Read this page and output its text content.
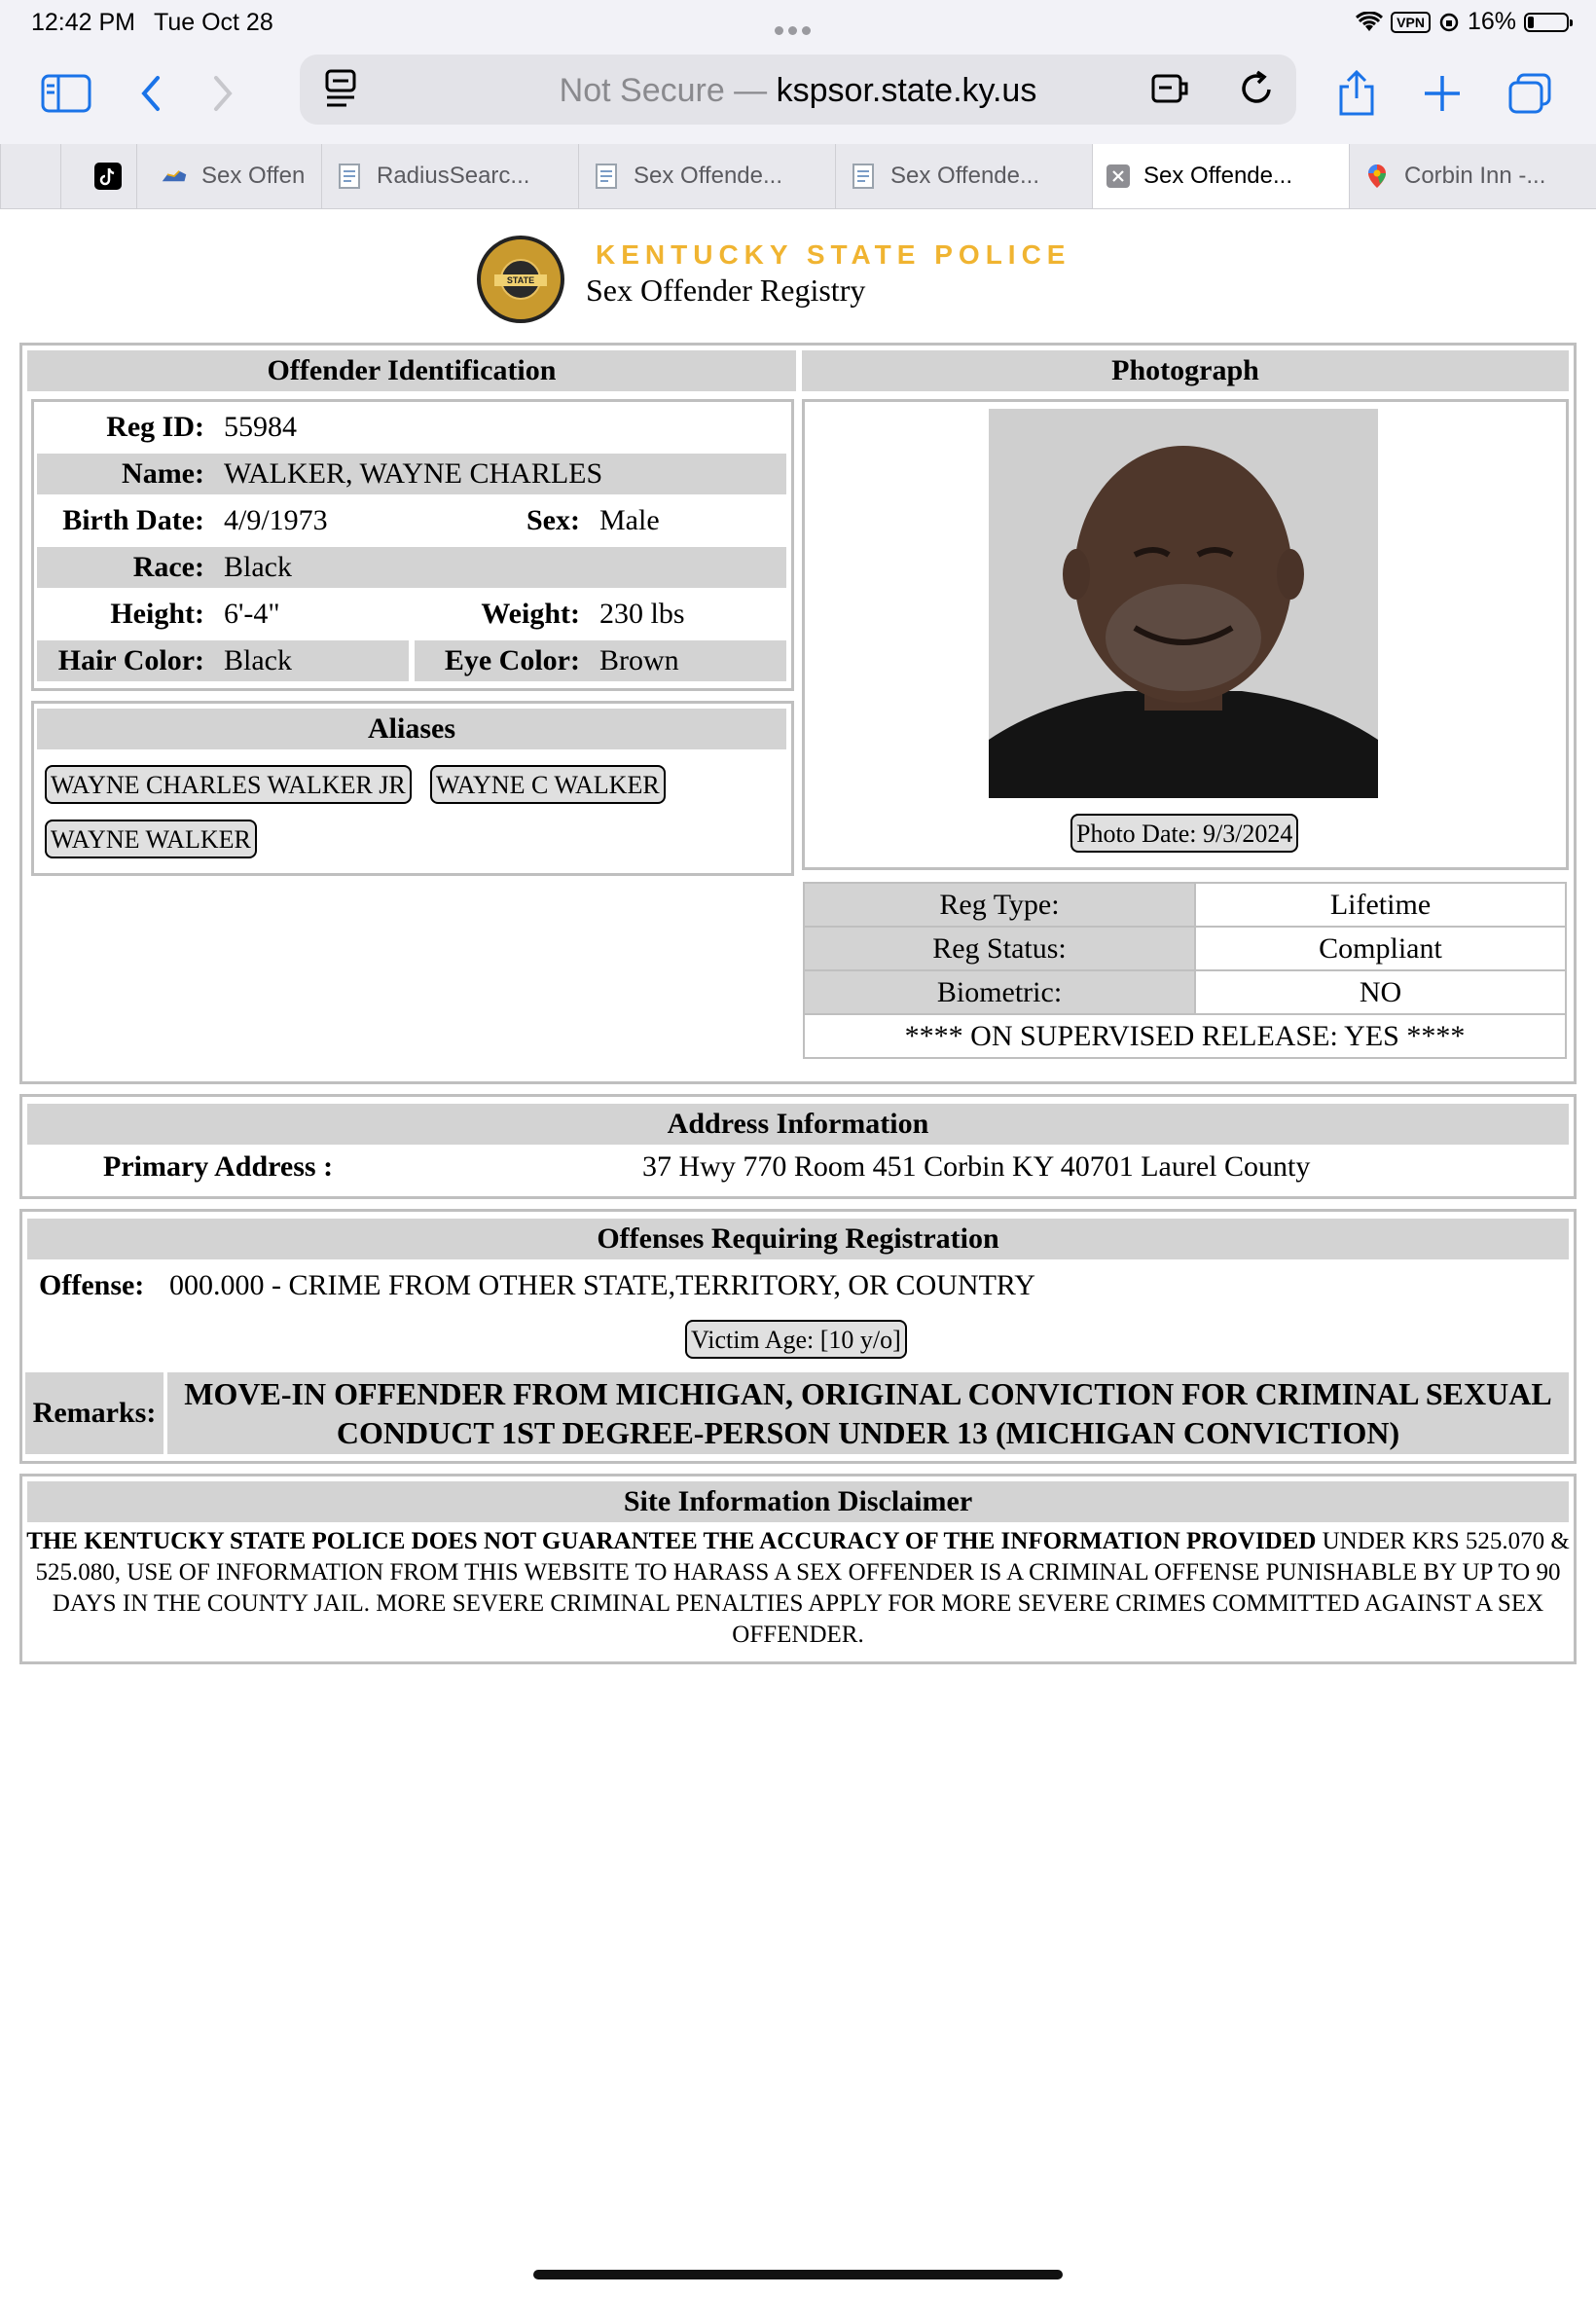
12:42 PM Tue Oct 28	VPN 16%
Not Secure — kspsor.state.ky.us
Sex Offen	RadiusSearc...	Sex Offende...	Sex Offende...	Sex Offende...	Corbin Inn -...
STATE
KENTUCKY STATE POLICE
Sex Offender Registry
Offender Identification	Photograph
Reg ID: 55984
Name: WALKER, WAYNE CHARLES
Birth Date: 4/9/1973	Sex: Male
Race: Black
Height: 6'-4"	Weight: 230 lbs
Hair Color: Black	Eye Color: Brown
Aliases
WAYNE CHARLES WALKER JR WAYNE C WALKER
WAYNE WALKER	Photo Date: 9/3/2024
Reg Type:	Lifetime
Reg Status:	Compliant
Biometric:	NO
**** ON SUPERVISED RELEASE: YES ****	
Address Information
Primary Address :	37 Hwy 770 Room 451 Corbin KY 40701 Laurel County
Offenses Requiring Registration
Offense: 000.000 - CRIME FROM OTHER STATE,TERRITORY, OR COUNTRY
Victim Age: [10 y/o]
Remarks:
MOVE-IN OFFENDER FROM MICHIGAN, ORIGINAL CONVICTION FOR CRIMINAL SEXUAL CONDUCT 1ST DEGREE-PERSON UNDER 13 (MICHIGAN CONVICTION)
Site Information Disclaimer
THE KENTUCKY STATE POLICE DOES NOT GUARANTEE THE ACCURACY OF THE INFORMATION PROVIDED UNDER KRS 525.070 & 525.080, USE OF INFORMATION FROM THIS WEBSITE TO HARASS A SEX OFFENDER IS A CRIMINAL OFFENSE PUNISHABLE BY UP TO 90 DAYS IN THE COUNTY JAIL. MORE SEVERE CRIMINAL PENALTIES APPLY FOR MORE SEVERE CRIMES COMMITTED AGAINST A SEX OFFENDER.
